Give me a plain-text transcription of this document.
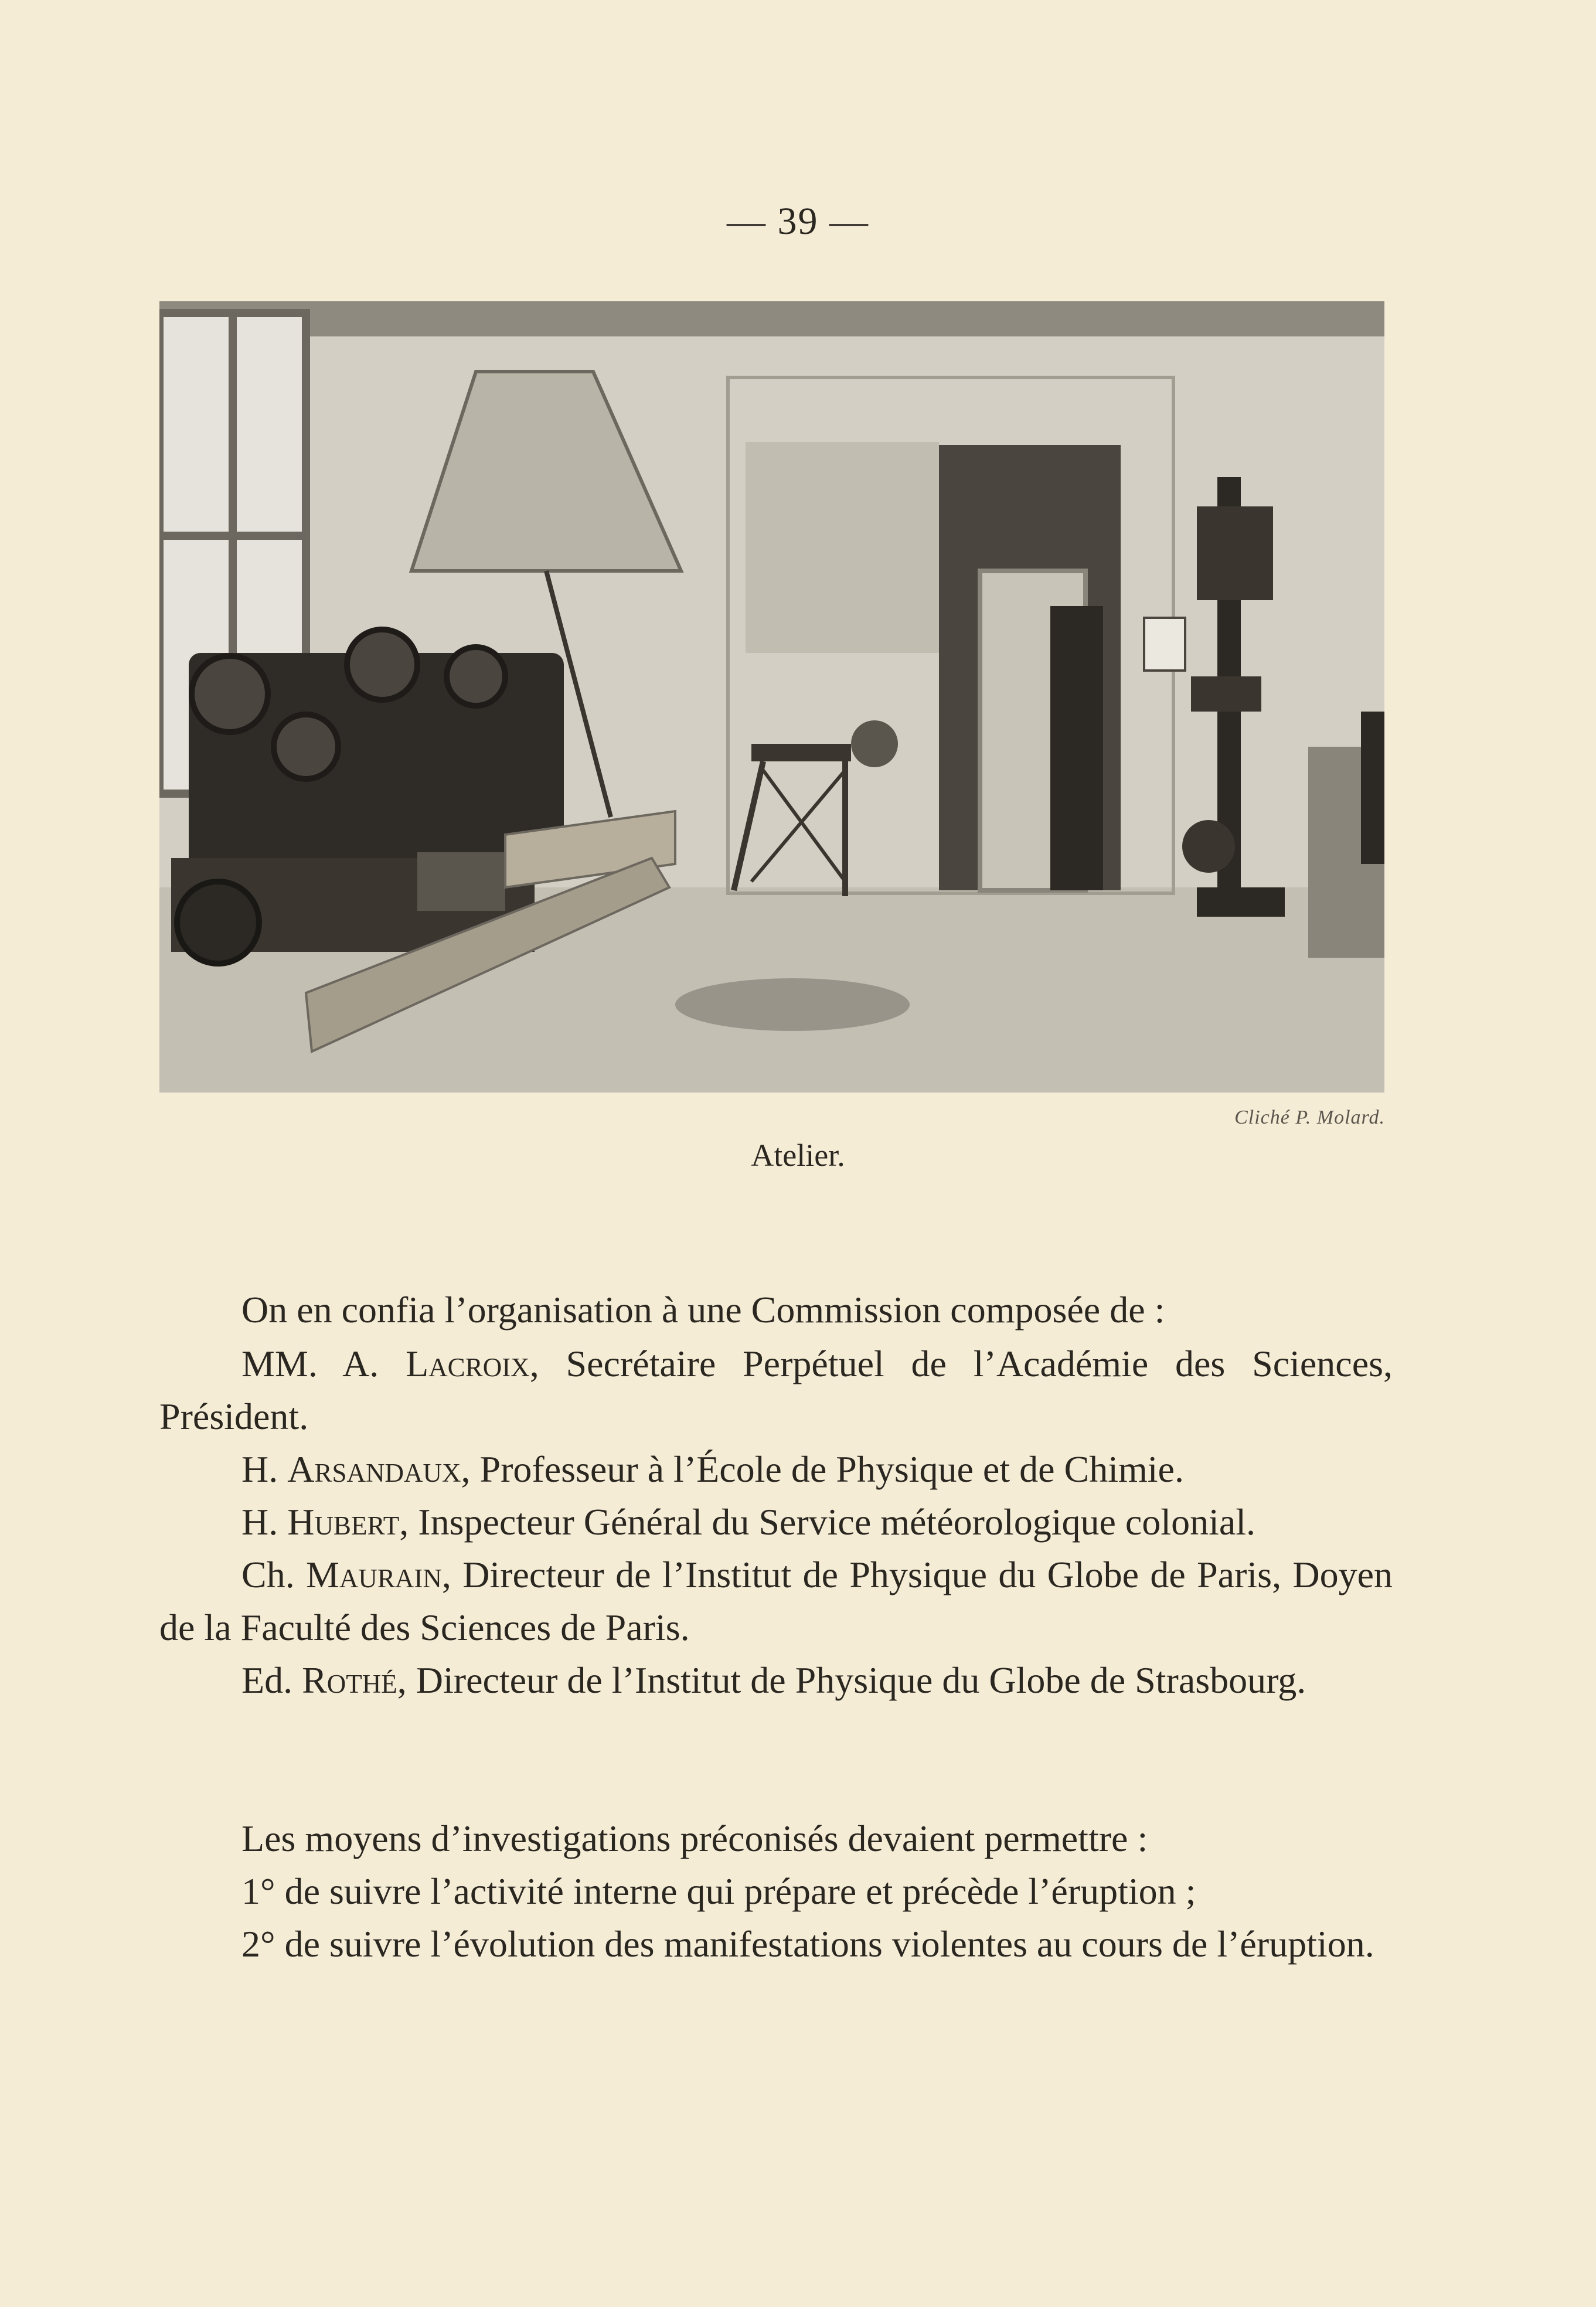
— 39 —
Cliché P. Molard.
Atelier.

On en confia l’organisation à une Commission composée de :

MM. A. Lacroix, Secrétaire Perpétuel de l’Académie des Sciences, Président.

H. Arsandaux, Professeur à l’École de Physique et de Chimie.

H. Hubert, Inspecteur Général du Service météorologique colonial.

Ch. Maurain, Directeur de l’Institut de Physique du Globe de Paris, Doyen de la Faculté des Sciences de Paris.

Ed. Rothé, Directeur de l’Institut de Physique du Globe de Strasbourg.

Les moyens d’investigations préconisés devaient permettre :

1° de suivre l’activité interne qui prépare et précède l’éruption ;

2° de suivre l’évolution des manifestations violentes au cours de l’éruption.
